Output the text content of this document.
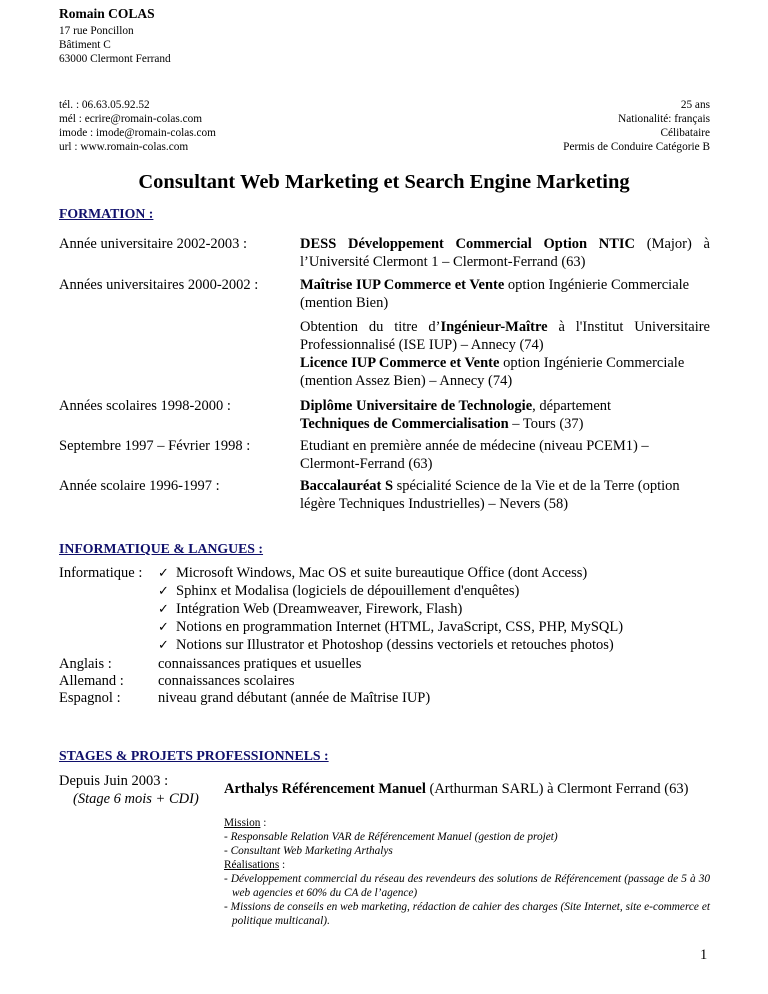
Romain COLAS
17 rue Poncillon
Bâtiment C
63000 Clermont Ferrand
tél. : 06.63.05.92.52
mél : ecrire@romain-colas.com
imode : imode@romain-colas.com
url : www.romain-colas.com
25 ans
Nationalité: français
Célibataire
Permis de Conduire Catégorie B
Consultant Web Marketing et Search Engine Marketing
FORMATION :
Année universitaire 2002-2003 :	DESS Développement Commercial Option NTIC (Major) à l’Université Clermont 1 – Clermont-Ferrand (63)
Années universitaires 2000-2002 :	Maîtrise IUP Commerce et Vente option Ingénierie Commerciale (mention Bien)
Obtention du titre d’Ingénieur-Maître à l'Institut Universitaire Professionnalisé (ISE IUP) – Annecy (74)
Licence IUP Commerce et Vente option Ingénierie Commerciale (mention Assez Bien) – Annecy (74)
Années scolaires 1998-2000 :	Diplôme Universitaire de Technologie, département
Techniques de Commercialisation – Tours (37)
Septembre 1997 – Février 1998 :	Etudiant en première année de médecine (niveau PCEM1) – Clermont-Ferrand (63)
Année scolaire 1996-1997 :	Baccalauréat S spécialité Science de la Vie et de la Terre (option légère Techniques Industrielles) – Nevers (58)
INFORMATIQUE & LANGUES :
Informatique : ✓ Microsoft Windows, Mac OS et suite bureautique Office (dont Access)
✓ Sphinx et Modalisa (logiciels de dépouillement d'enquêtes)
✓ Intégration Web (Dreamweaver, Firework, Flash)
✓ Notions en programmation Internet (HTML, JavaScript, CSS, PHP, MySQL)
✓ Notions sur Illustrator et Photoshop (dessins vectoriels et retouches photos)
Anglais :	connaissances pratiques et usuelles
Allemand : connaissances scolaires
Espagnol :	niveau grand débutant (année de Maîtrise IUP)
STAGES & PROJETS PROFESSIONNELS :
Depuis Juin 2003 :
(Stage 6 mois + CDI)
Arthalys Référencement Manuel (Arthurman SARL) à Clermont Ferrand (63)
Mission :
- Responsable Relation VAR de Référencement Manuel (gestion de projet)
- Consultant Web Marketing Arthalys
Réalisations :
- Développement commercial du réseau des revendeurs des solutions de Référencement (passage de 5 à 30 web agencies et 60% du CA de l’agence)
- Missions de conseils en web marketing, rédaction de cahier des charges (Site Internet, site e-commerce et politique multicanal).
1
